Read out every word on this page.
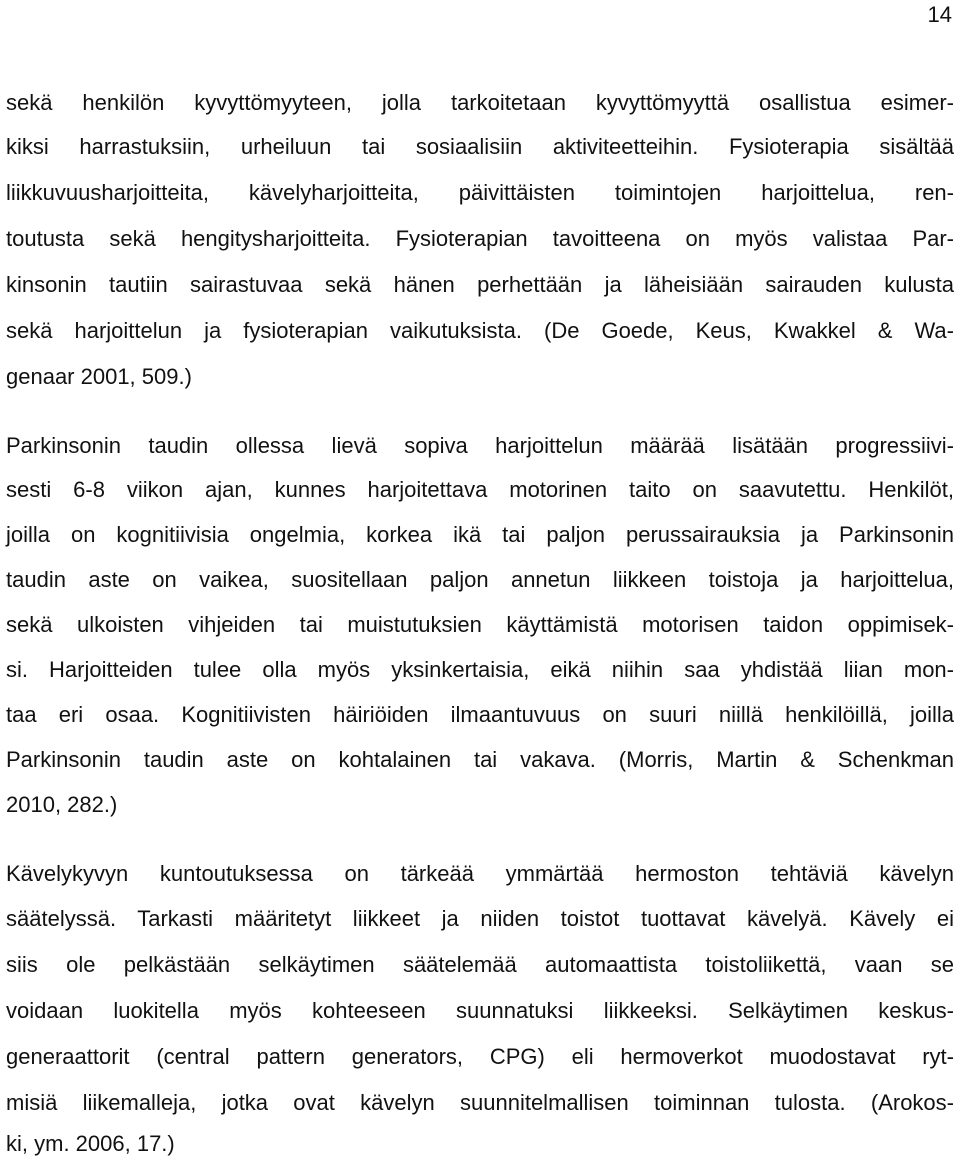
14
sekä henkilön kyvyttömyyteen, jolla tarkoitetaan kyvyttömyyttä osallistua esimer-
kiksi harrastuksiin, urheiluun tai sosiaalisiin aktiviteetteihin. Fysioterapia sisältää
liikkuvuusharjoitteita, kävelyharjoitteita, päivittäisten toimintojen harjoittelua, ren-
toutusta sekä hengitysharjoitteita. Fysioterapian tavoitteena on myös valistaa Par-
kinsonin tautiin sairastuvaa sekä hänen perhettään ja läheisiään sairauden kulusta
sekä harjoittelun ja fysioterapian vaikutuksista. (De Goede, Keus, Kwakkel & Wa-
genaar 2001, 509.)
Parkinsonin taudin ollessa lievä sopiva harjoittelun määrää lisätään progressiivi-
sesti 6-8 viikon ajan, kunnes harjoitettava motorinen taito on saavutettu. Henkilöt,
joilla on kognitiivisia ongelmia, korkea ikä tai paljon perussairauksia ja Parkinsonin
taudin aste on vaikea, suositellaan paljon annetun liikkeen toistoja ja harjoittelua,
sekä ulkoisten vihjeiden tai muistutuksien käyttämistä motorisen taidon oppimisek-
si. Harjoitteiden tulee olla myös yksinkertaisia, eikä niihin saa yhdistää liian mon-
taa eri osaa. Kognitiivisten häiriöiden ilmaantuvuus on suuri niillä henkilöillä, joilla
Parkinsonin taudin aste on kohtalainen tai vakava. (Morris, Martin & Schenkman
2010, 282.)
Kävelykyvyn kuntoutuksessa on tärkeää ymmärtää hermoston tehtäviä kävelyn
säätelyssä. Tarkasti määritetyt liikkeet ja niiden toistot tuottavat kävelyä. Kävely ei
siis ole pelkästään selkäytimen säätelemää automaattista toistoliikettä, vaan se
voidaan luokitella myös kohteeseen suunnatuksi liikkeeksi. Selkäytimen keskus-
generaattorit (central pattern generators, CPG) eli hermoverkot muodostavat ryt-
misiä liikemalleja, jotka ovat kävelyn suunnitelmallisen toiminnan tulosta. (Arokos-
ki, ym. 2006, 17.)
